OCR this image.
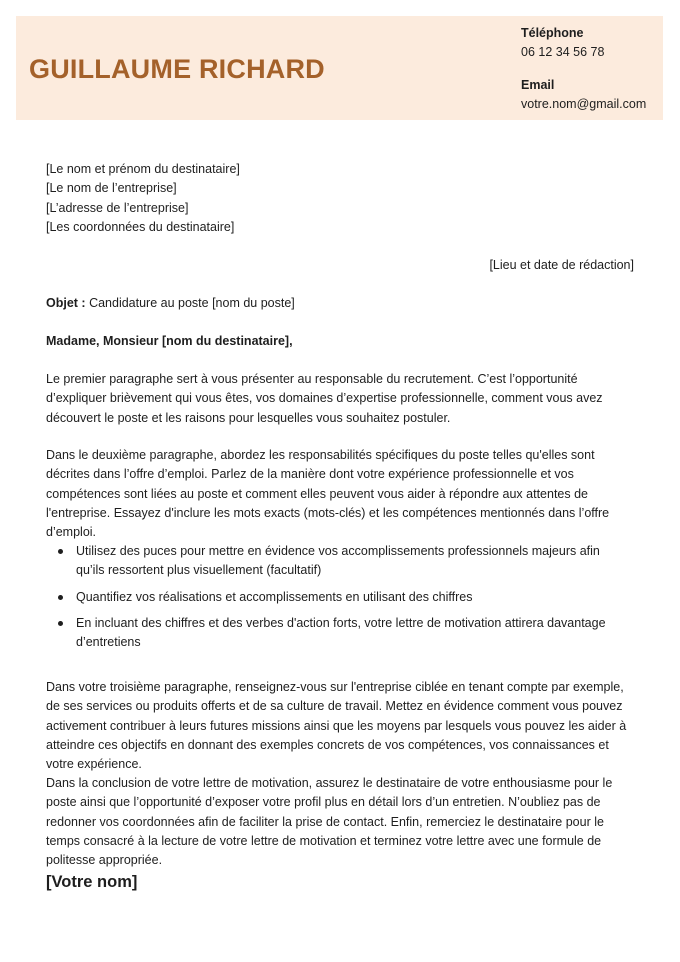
GUILLAUME RICHARD
Téléphone
06 12 34 56 78
Email
votre.nom@gmail.com
[Le nom et prénom du destinataire]
[Le nom de l’entreprise]
[L’adresse de l’entreprise]
[Les coordonnées du destinataire]
[Lieu et date de rédaction]
Objet : Candidature au poste [nom du poste]
Madame, Monsieur [nom du destinataire],

Le premier paragraphe sert à vous présenter au responsable du recrutement. C’est l’opportunité d’expliquer brièvement qui vous êtes, vos domaines d’expertise professionnelle, comment vous avez découvert le poste et les raisons pour lesquelles vous souhaitez postuler.

Dans le deuxième paragraphe, abordez les responsabilités spécifiques du poste telles qu'elles sont décrites dans l’offre d’emploi. Parlez de la manière dont votre expérience professionnelle et vos compétences sont liées au poste et comment elles peuvent vous aider à répondre aux attentes de l'entreprise. Essayez d'inclure les mots exacts (mots-clés) et les compétences mentionnés dans l’offre d’emploi.

Utilisez des puces pour mettre en évidence vos accomplissements professionnels majeurs afin qu’ils ressortent plus visuellement (facultatif)
Quantifiez vos réalisations et accomplissements en utilisant des chiffres
En incluant des chiffres et des verbes d'action forts, votre lettre de motivation attirera davantage d’entretiens

Dans votre troisième paragraphe, renseignez-vous sur l'entreprise ciblée en tenant compte par exemple, de ses services ou produits offerts et de sa culture de travail. Mettez en évidence comment vous pouvez activement contribuer à leurs futures missions ainsi que les moyens par lesquels vous pouvez les aider à atteindre ces objectifs en donnant des exemples concrets de vos compétences, vos connaissances et votre expérience.

Dans la conclusion de votre lettre de motivation, assurez le destinataire de votre enthousiasme pour le poste ainsi que l’opportunité d’exposer votre profil plus en détail lors d’un entretien. N’oubliez pas de redonner vos coordonnées afin de faciliter la prise de contact. Enfin, remerciez le destinataire pour le temps consacré à la lecture de votre lettre de motivation et terminez votre lettre avec une formule de politesse appropriée.

[Votre nom]
